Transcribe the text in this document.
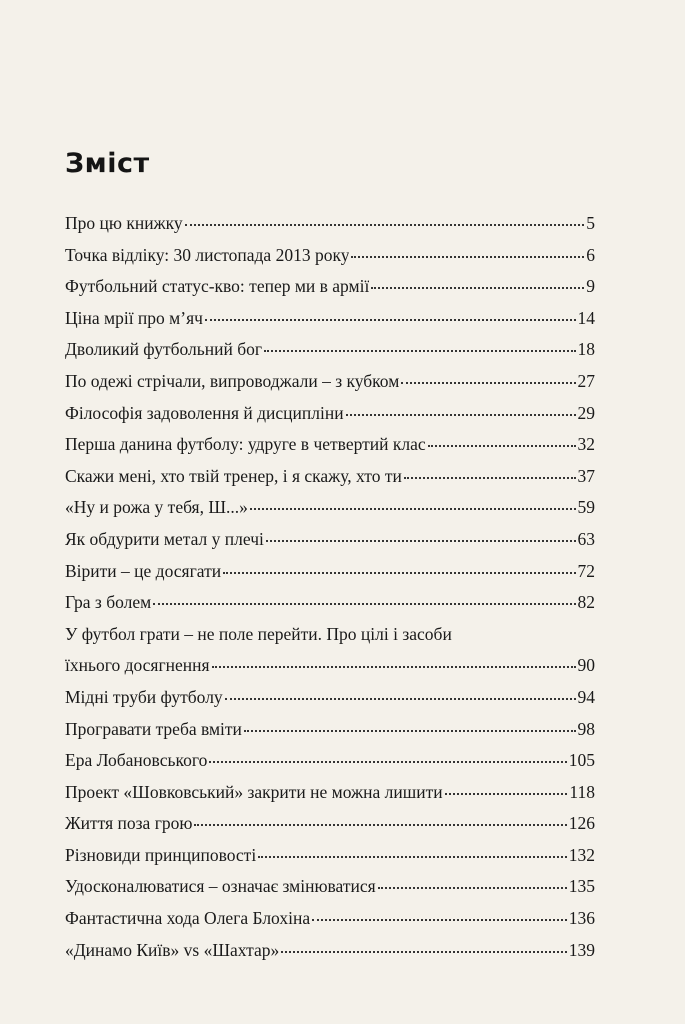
Зміст
Про цю книжку	5
Точка відліку: 30 листопада 2013 року	6
Футбольний статус-кво: тепер ми в армії	9
Ціна мрії про м’яч	14
Дволикий футбольний бог	18
По одежі стрічали, випроводжали – з кубком	27
Філософія задоволення й дисципліни	29
Перша данина футболу: удруге в четвертий клас	32
Скажи мені, хто твій тренер, і я скажу, хто ти	37
«Ну и рожа у тебя, Ш...»	59
Як обдурити метал у плечі	63
Вірити – це досягати	72
Гра з болем	82
У футбол грати – не поле перейти. Про цілі і засоби
їхнього досягнення	90
Мідні труби футболу	94
Програвати треба вміти	98
Ера Лобановського	105
Проект «Шовковський» закрити не можна лишити	118
Життя поза грою	126
Різновиди принциповості	132
Удосконалюватися – означає змінюватися	135
Фантастична хода Олега Блохіна	136
«Динамо Київ» vs «Шахтар»	139
